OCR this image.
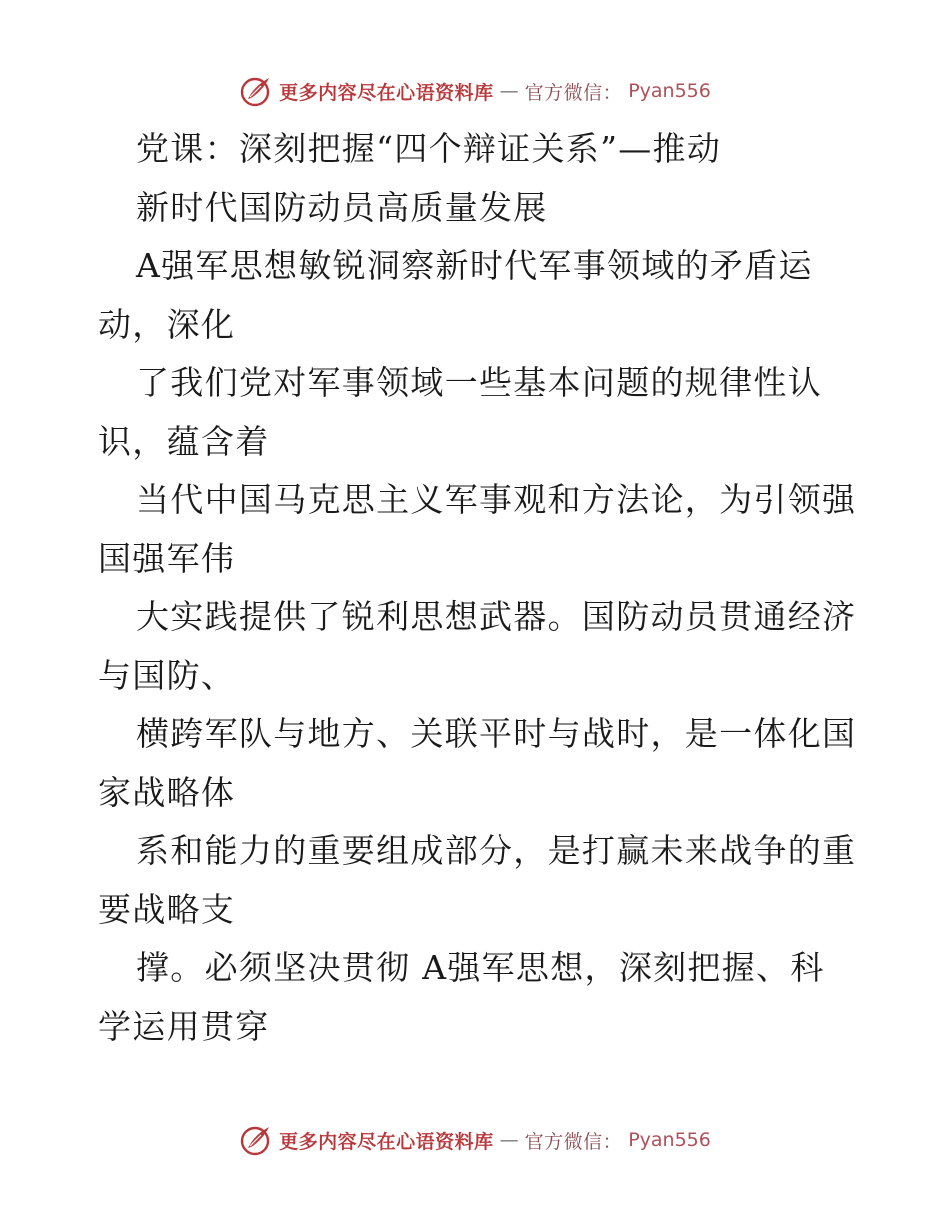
更多内容尽在心语资料库 — 官方微信： Pyan556
党课：深刻把握“四个辩证关系”—推动
新时代国防动员高质量发展
A强军思想敏锐洞察新时代军事领域的矛盾运
动，深化
了我们党对军事领域一些基本问题的规律性认
识，蕴含着
当代中国马克思主义军事观和方法论，为引领强
国强军伟
大实践提供了锐利思想武器。国防动员贯通经济
与国防、
横跨军队与地方、关联平时与战时，是一体化国
家战略体
系和能力的重要组成部分，是打赢未来战争的重
要战略支
撑。必须坚决贯彻 A强军思想，深刻把握、科
学运用贯穿
更多内容尽在心语资料库 — 官方微信： Pyan556
